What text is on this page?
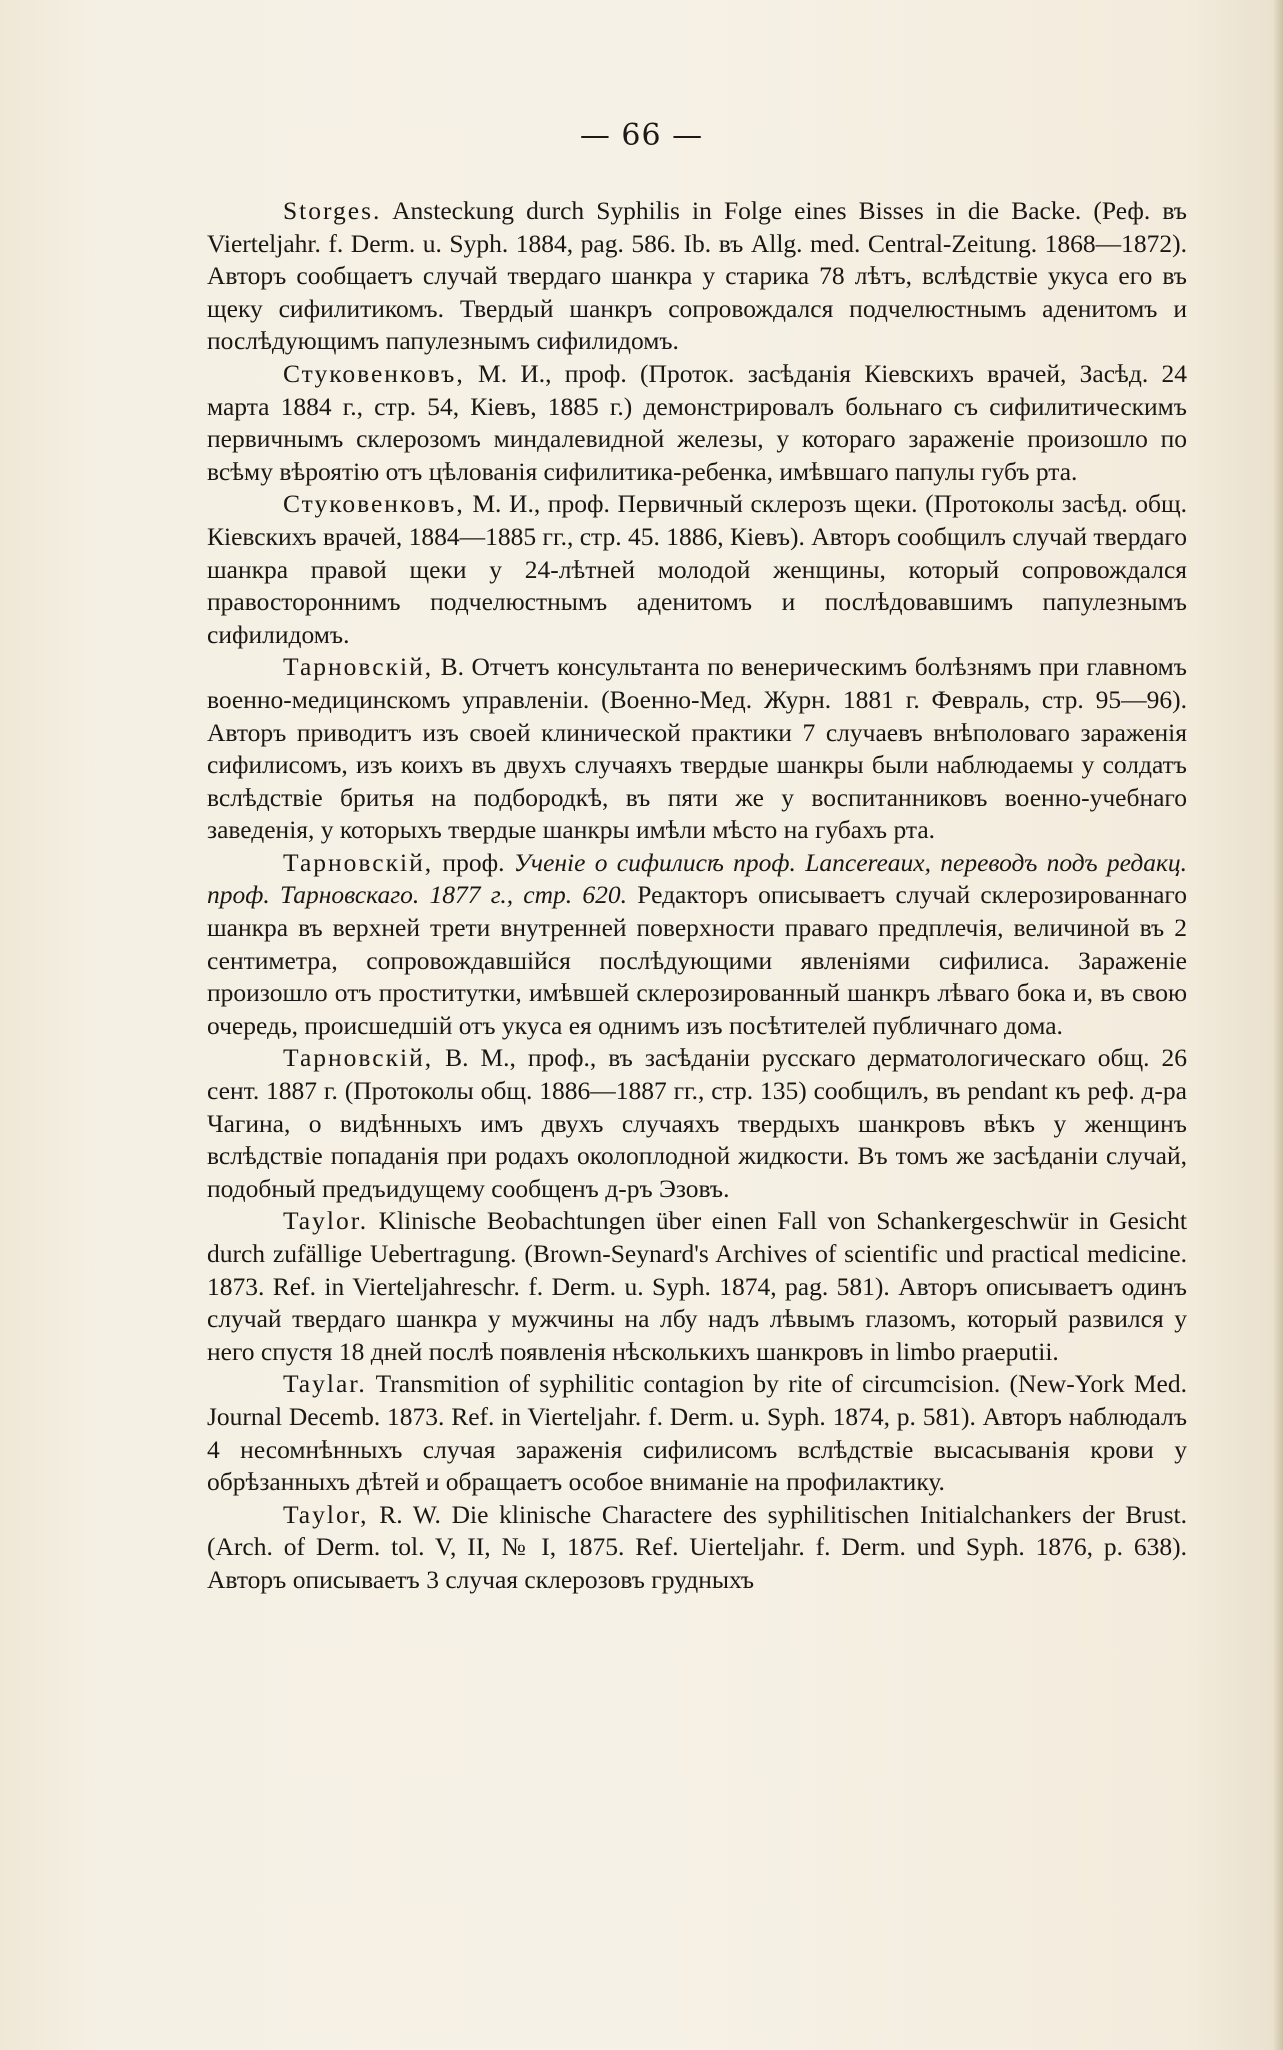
— 66 —

Storges. Ansteckung durch Syphilis in Folge eines Bisses in die Backe. (Реф. въ Vierteljahr. f. Derm. u. Syph. 1884, pag. 586. Ib. въ Allg. med. Central-Zeitung. 1868—1872). Авторъ сообщаетъ случай твердаго шанкра у старика 78 лѣтъ, вслѣдствіе укуса его въ щеку сифилитикомъ. Твердый шанкръ сопровождался подчелюстнымъ аденитомъ и послѣдующимъ папулезнымъ сифилидомъ.

Стуковенковъ, М. И., проф. (Проток. засѣданія Кіевскихъ врачей, Засѣд. 24 марта 1884 г., стр. 54, Кіевъ, 1885 г.) демонстрировалъ больнаго съ сифилитическимъ первичнымъ склерозомъ миндалевидной железы, у котораго зараженіе произошло по всѣму вѣроятію отъ цѣлованія сифилитика-ребенка, имѣвшаго папулы губъ рта.

Стуковенковъ, М. И., проф. Первичный склерозъ щеки. (Протоколы засѣд. общ. Кіевскихъ врачей, 1884—1885 гг., стр. 45. 1886, Кіевъ). Авторъ сообщилъ случай твердаго шанкра правой щеки у 24-лѣтней молодой женщины, который сопровождался правостороннимъ подчелюстнымъ аденитомъ и послѣдовавшимъ папулезнымъ сифилидомъ.

Тарновскій, В. Отчетъ консультанта по венерическимъ болѣзнямъ при главномъ военно-медицинскомъ управленіи. (Военно-Мед. Журн. 1881 г. Февраль, стр. 95—96). Авторъ приводитъ изъ своей клинической практики 7 случаевъ внѣполоваго зараженія сифилисомъ, изъ коихъ въ двухъ случаяхъ твердые шанкры были наблюдаемы у солдатъ вслѣдствіе бритья на подбородкѣ, въ пяти же у воспитанниковъ военно-учебнаго заведенія, у которыхъ твердые шанкры имѣли мѣсто на губахъ рта.

Тарновскій, проф. Ученіе о сифилисѣ проф. Lancereaux, переводъ подъ редакц. проф. Тарновскаго. 1877 г., стр. 620. Редакторъ описываетъ случай склерозированнаго шанкра въ верхней трети внутренней поверхности праваго предплечія, величиной въ 2 сентиметра, сопровождавшійся послѣдующими явленіями сифилиса. Зараженіе произошло отъ проститутки, имѣвшей склерозированный шанкръ лѣваго бока и, въ свою очередь, происшедшій отъ укуса ея однимъ изъ посѣтителей публичнаго дома.

Тарновскій, В. М., проф., въ засѣданіи русскаго дерматологическаго общ. 26 сент. 1887 г. (Протоколы общ. 1886—1887 гг., стр. 135) сообщилъ, въ pendant къ реф. д-ра Чагина, о видѣнныхъ имъ двухъ случаяхъ твердыхъ шанкровъ вѣкъ у женщинъ вслѣдствіе попаданія при родахъ околоплодной жидкости. Въ томъ же засѣданіи случай, подобный предъидущему сообщенъ д-ръ Эзовъ.

Taylor. Klinische Beobachtungen über einen Fall von Schankergeschwür in Gesicht durch zufällige Uebertragung. (Brown-Seynard's Archives of scientific und practical medicine. 1873. Ref. in Vierteljahreschr. f. Derm. u. Syph. 1874, pag. 581). Авторъ описываетъ одинъ случай твердаго шанкра у мужчины на лбу надъ лѣвымъ глазомъ, который развился у него спустя 18 дней послѣ появленія нѣсколькихъ шанкровъ in limbo praeputii.

Taylar. Transmition of syphilitic contagion by rite of circumcision. (New-York Med. Journal Decemb. 1873. Ref. in Vierteljahr. f. Derm. u. Syph. 1874, p. 581). Авторъ наблюдалъ 4 несомнѣнныхъ случая зараженія сифилисомъ вслѣдствіе высасыванія крови у обрѣзанныхъ дѣтей и обращаетъ особое вниманіе на профилактику.

Taylor, R. W. Die klinische Charactere des syphilitischen Initialchankers der Brust. (Arch. of Derm. tol. V, II, № I, 1875. Ref. Uierteljahr. f. Derm. und Syph. 1876, p. 638). Авторъ описываетъ 3 случая склерозовъ грудныхъ
